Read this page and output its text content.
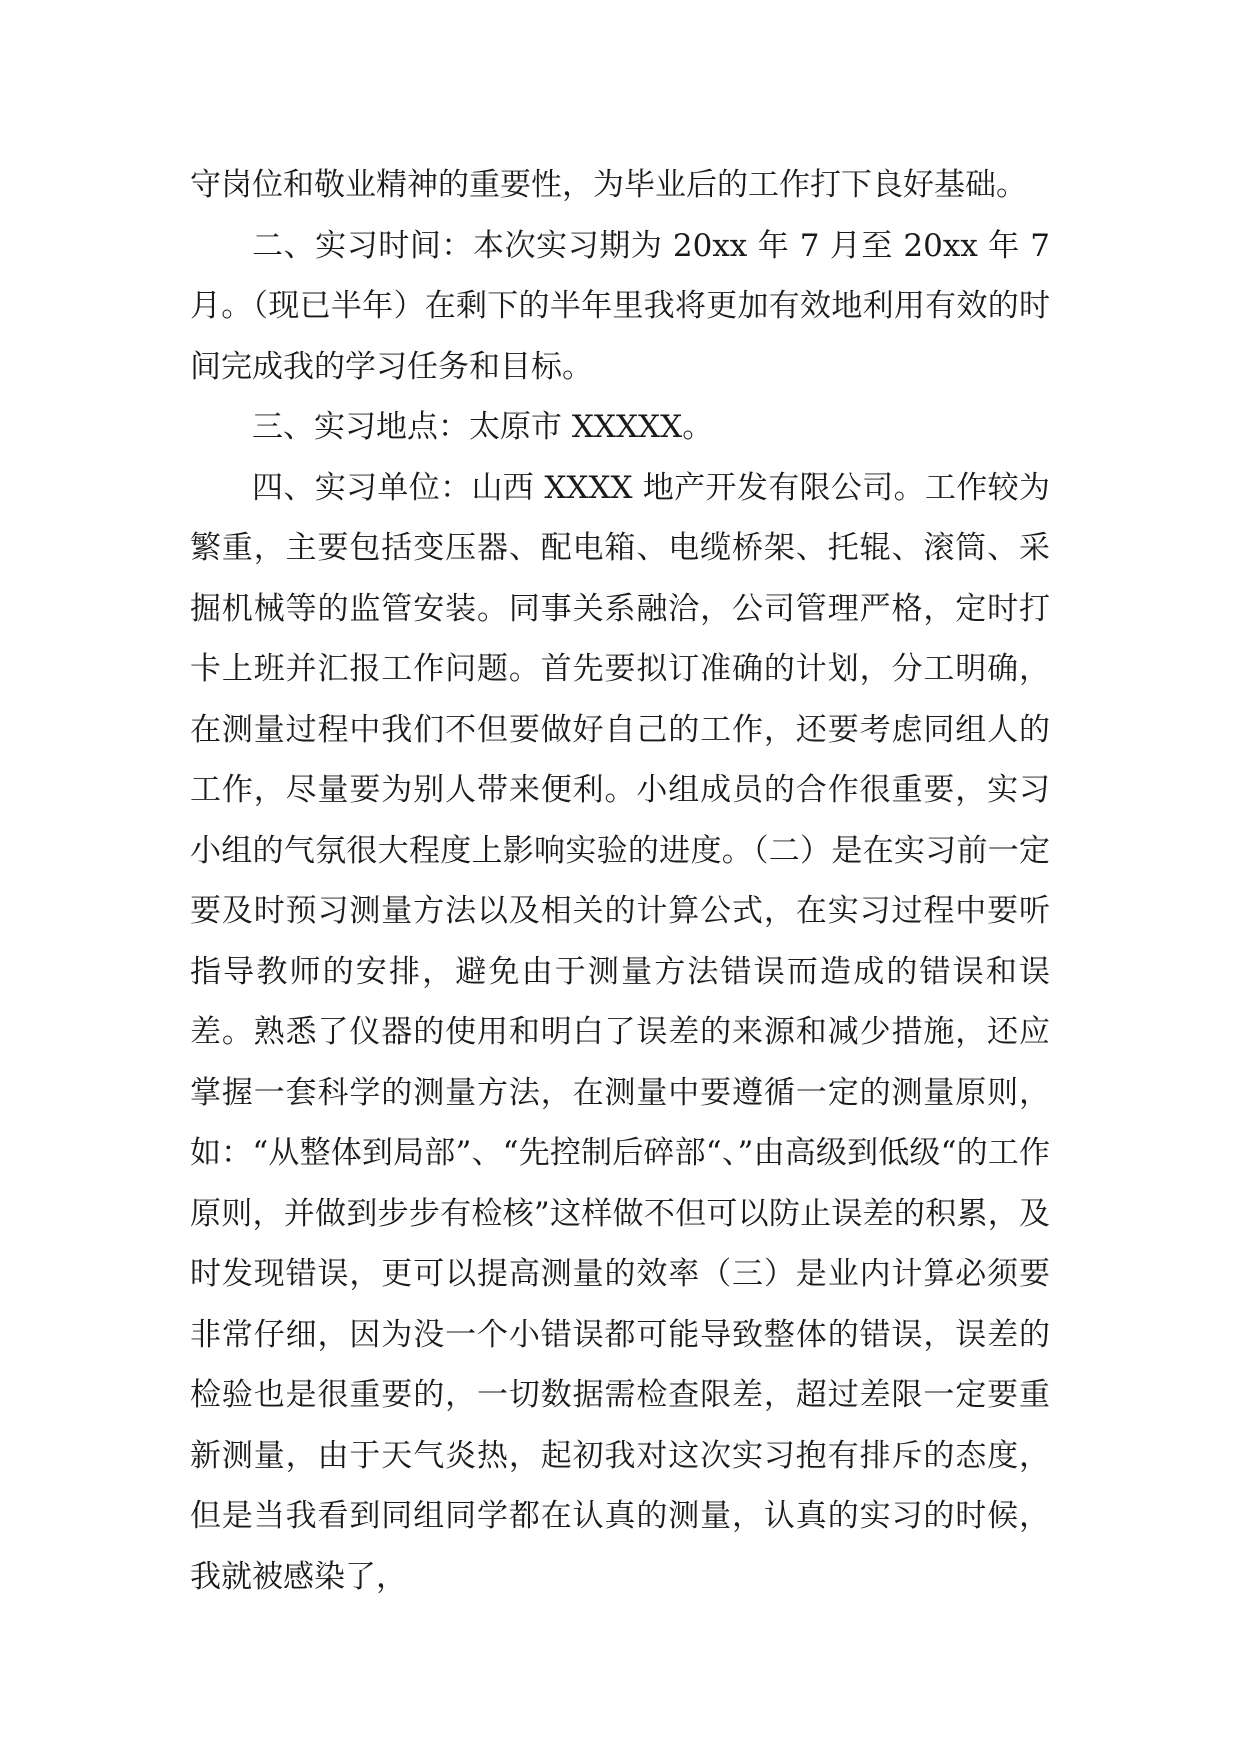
守岗位和敬业精神的重要性，为毕业后的工作打下良好基础。

二、实习时间：本次实习期为 20xx 年 7 月至 20xx 年 7 月。（现已半年）在剩下的半年里我将更加有效地利用有效的时间完成我的学习任务和目标。

三、实习地点：太原市 XXXXX。

四、实习单位：山西 XXXX 地产开发有限公司。工作较为繁重，主要包括变压器、配电箱、电缆桥架、托辊、滚筒、采掘机械等的监管安装。同事关系融洽，公司管理严格，定时打卡上班并汇报工作问题。首先要拟订准确的计划，分工明确，在测量过程中我们不但要做好自己的工作，还要考虑同组人的工作，尽量要为别人带来便利。小组成员的合作很重要，实习小组的气氛很大程度上影响实验的进度。（二）是在实习前一定要及时预习测量方法以及相关的计算公式，在实习过程中要听指导教师的安排，避免由于测量方法错误而造成的错误和误差。熟悉了仪器的使用和明白了误差的来源和减少措施，还应掌握一套科学的测量方法，在测量中要遵循一定的测量原则，如：“从整体到局部”、“先控制后碎部“、”由高级到低级“的工作原则，并做到步步有检核”这样做不但可以防止误差的积累，及时发现错误，更可以提高测量的效率（三）是业内计算必须要非常仔细，因为没一个小错误都可能导致整体的错误，误差的检验也是很重要的，一切数据需检查限差，超过差限一定要重新测量，由于天气炎热，起初我对这次实习抱有排斥的态度，但是当我看到同组同学都在认真的测量，认真的实习的时候，我就被感染了，
